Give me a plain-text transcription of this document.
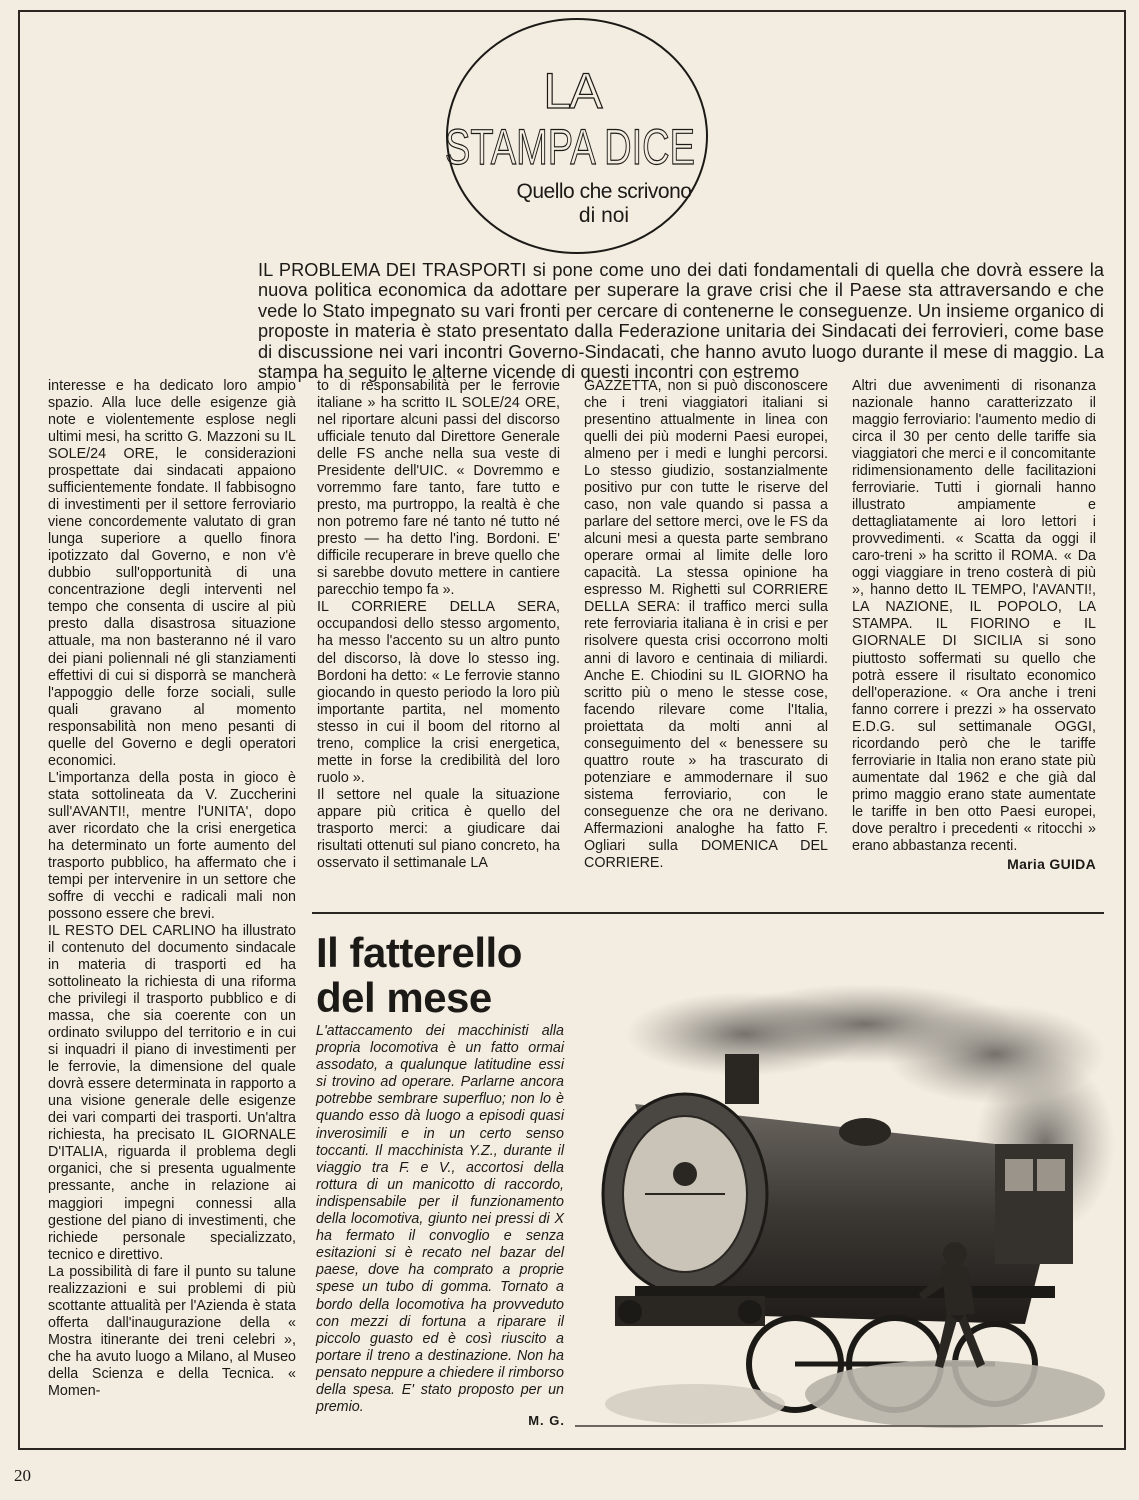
LA
STAMPA DICE
Quello che scrivono
di noi
IL PROBLEMA DEI TRASPORTI si pone come uno dei dati fondamentali di quella che dovrà essere la nuova politica economica da adottare per superare la grave crisi che il Paese sta attraversando e che vede lo Stato impegnato su vari fronti per cercare di contenerne le conseguenze. Un insieme organico di proposte in materia è stato presentato dalla Federazione unitaria dei Sindacati dei ferrovieri, come base di discussione nei vari incontri Governo-Sindacati, che hanno avuto luogo durante il mese di maggio. La stampa ha seguito le alterne vicende di questi incontri con estremo

interesse e ha dedicato loro ampio spazio. Alla luce delle esigenze già note e violentemente esplose negli ultimi mesi, ha scritto G. Mazzoni su IL SOLE/24 ORE, le considerazioni prospettate dai sindacati appaiono sufficientemente fondate. Il fabbisogno di investimenti per il settore ferroviario viene concordemente valutato di gran lunga superiore a quello finora ipotizzato dal Governo, e non v'è dubbio sull'opportunità di una concentrazione degli interventi nel tempo che consenta di uscire al più presto dalla disastrosa situazione attuale, ma non basteranno né il varo dei piani poliennali né gli stanziamenti effettivi di cui si disporrà se mancherà l'appoggio delle forze sociali, sulle quali gravano al momento responsabilità non meno pesanti di quelle del Governo e degli operatori economici.

L'importanza della posta in gioco è stata sottolineata da V. Zuccherini sull'AVANTI!, mentre l'UNITA', dopo aver ricordato che la crisi energetica ha determinato un forte aumento del trasporto pubblico, ha affermato che i tempi per intervenire in un settore che soffre di vecchi e radicali mali non possono essere che brevi.

IL RESTO DEL CARLINO ha illustrato il contenuto del documento sindacale in materia di trasporti ed ha sottolineato la richiesta di una riforma che privilegi il trasporto pubblico e di massa, che sia coerente con un ordinato sviluppo del territorio e in cui si inquadri il piano di investimenti per le ferrovie, la dimensione del quale dovrà essere determinata in rapporto a una visione generale delle esigenze dei vari comparti dei trasporti. Un'altra richiesta, ha precisato IL GIORNALE D'ITALIA, riguarda il problema degli organici, che si presenta ugualmente pressante, anche in relazione ai maggiori impegni connessi alla gestione del piano di investimenti, che richiede personale specializzato, tecnico e direttivo.

La possibilità di fare il punto su talune realizzazioni e sui problemi di più scottante attualità per l'Azienda è stata offerta dall'inaugurazione della « Mostra itinerante dei treni celebri », che ha avuto luogo a Milano, al Museo della Scienza e della Tecnica. « Momen-

to di responsabilità per le ferrovie italiane » ha scritto IL SOLE/24 ORE, nel riportare alcuni passi del discorso ufficiale tenuto dal Direttore Generale delle FS anche nella sua veste di Presidente dell'UIC. « Dovremmo e vorremmo fare tanto, fare tutto e presto, ma purtroppo, la realtà è che non potremo fare né tanto né tutto né presto — ha detto l'ing. Bordoni. E' difficile recuperare in breve quello che si sarebbe dovuto mettere in cantiere parecchio tempo fa ».

IL CORRIERE DELLA SERA, occupandosi dello stesso argomento, ha messo l'accento su un altro punto del discorso, là dove lo stesso ing. Bordoni ha detto: « Le ferrovie stanno giocando in questo periodo la loro più importante partita, nel momento stesso in cui il boom del ritorno al treno, complice la crisi energetica, mette in forse la credibilità del loro ruolo ».

Il settore nel quale la situazione appare più critica è quello del trasporto merci: a giudicare dai risultati ottenuti sul piano concreto, ha osservato il settimanale LA

GAZZETTA, non si può disconoscere che i treni viaggiatori italiani si presentino attualmente in linea con quelli dei più moderni Paesi europei, almeno per i medi e lunghi percorsi. Lo stesso giudizio, sostanzialmente positivo pur con tutte le riserve del caso, non vale quando si passa a parlare del settore merci, ove le FS da alcuni mesi a questa parte sembrano operare ormai al limite delle loro capacità. La stessa opinione ha espresso M. Righetti sul CORRIERE DELLA SERA: il traffico merci sulla rete ferroviaria italiana è in crisi e per risolvere questa crisi occorrono molti anni di lavoro e centinaia di miliardi. Anche E. Chiodini su IL GIORNO ha scritto più o meno le stesse cose, facendo rilevare come l'Italia, proiettata da molti anni al conseguimento del « benessere su quattro route » ha trascurato di potenziare e ammodernare il suo sistema ferroviario, con le conseguenze che ora ne derivano. Affermazioni analoghe ha fatto F. Ogliari sulla DOMENICA DEL CORRIERE.

Altri due avvenimenti di risonanza nazionale hanno caratterizzato il maggio ferroviario: l'aumento medio di circa il 30 per cento delle tariffe sia viaggiatori che merci e il concomitante ridimensionamento delle facilitazioni ferroviarie. Tutti i giornali hanno illustrato ampiamente e dettagliatamente ai loro lettori i provvedimenti. « Scatta da oggi il caro-treni » ha scritto il ROMA. « Da oggi viaggiare in treno costerà di più », hanno detto IL TEMPO, l'AVANTI!, LA NAZIONE, IL POPOLO, LA STAMPA. IL FIORINO e IL GIORNALE DI SICILIA si sono piuttosto soffermati su quello che potrà essere il risultato economico dell'operazione. « Ora anche i treni fanno correre i prezzi » ha osservato E.D.G. sul settimanale OGGI, ricordando però che le tariffe ferroviarie in Italia non erano state più aumentate dal 1962 e che già dal primo maggio erano state aumentate le tariffe in ben otto Paesi europei, dove peraltro i precedenti « ritocchi » erano abbastanza recenti.

Maria GUIDA
Il fatterello
del mese
L'attaccamento dei macchinisti alla propria locomotiva è un fatto ormai assodato, a qualunque latitudine essi si trovino ad operare. Parlarne ancora potrebbe sembrare superfluo; non lo è quando esso dà luogo a episodi quasi inverosimili e in un certo senso toccanti. Il macchinista Y.Z., durante il viaggio tra F. e V., accortosi della rottura di un manicotto di raccordo, indispensabile per il funzionamento della locomotiva, giunto nei pressi di X ha fermato il convoglio e senza esitazioni si è recato nel bazar del paese, dove ha comprato a proprie spese un tubo di gomma. Tornato a bordo della locomotiva ha provveduto con mezzi di fortuna a riparare il piccolo guasto ed è così riuscito a portare il treno a destinazione. Non ha pensato neppure a chiedere il rimborso della spesa. E' stato proposto per un premio.
M. G.
20
